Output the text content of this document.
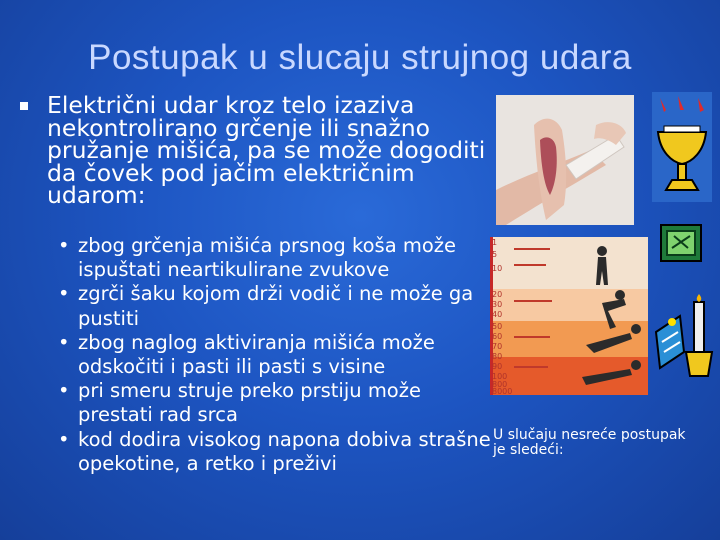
Postupak u slucaju strujnog udara
Električni udar kroz telo izaziva nekontrolirano grčenje ili snažno pružanje mišića, pa se može dogoditi da čovek pod jačim električnim udarom:
• zbog grčenja mišića prsnog koša može ispuštati neartikulirane zvukove
• zgrči šaku kojom drži vodič i ne može ga pustiti
• zbog naglog aktiviranja mišića može odskočiti i pasti ili pasti s visine
• pri smeru struje preko prstiju može prestati rad srca
• kod dodira visokog napona dobiva strašne opekotine, a retko i preživi
1
5
10
20
30
40
50
60
70
80
90
100
800
8000
U slučaju nesreće postupak je sledeći:
